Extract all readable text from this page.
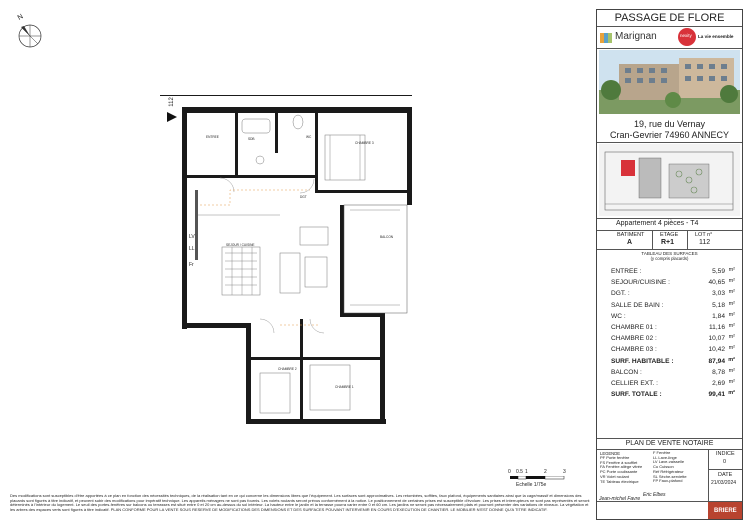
N
112
CHAMBRE 3
SEJOUR / CUISINE
BALCON
CHAMBRE 2
CHAMBRE 1
SDB	WC
DGT
ENTREE
LV
LL
Fr
0 0.5 1	2	3
Echelle 1/75e
Des modifications sont susceptibles d'être apportées à ce plan en fonction des nécessités techniques, de la réalisation tant en ce qui concerne les dimensions libres que l'équipement. Les surfaces sont approximatives. Les retombées, soffites, faux plafond, équipements sanitaires ainsi que la cage/massif et dimensions des placards sont figurés à titre indicatif, et peuvent subir des modifications pour impératif technique. Les appareils ménagers ne sont pas fournis. Les volets roulants seront prévus conformément à la notice. Le positionnement de certaines prises est susceptible d'évoluer. Les prises et interrupteurs ne sont pas représentés et seront déterminés à l'intérieur du logement. Le seuil des portes-fenêtres sur balcons ou terrasses est situé entre 0 et 20 cm au-dessus du sol intérieur. La hauteur entre le jardin et la terrasse pourra varier entre 0 et 60 cm. Les jardins ne seront pas nécessairement plats et pourront présenter des variations de niveaux. La végétation et les arbres des espaces verts sont figurés à titre indicatif. PLAN CONFORME POUR LA VENTE SOUS RESERVE DE MODIFICATIONS DES DIMENSIONS ET DES SURFACES POUVANT INTERVENIR EN COURS D'EXECUTION DE CHANTIER. LE MOBILIER N'EST DONNE QU'A TITRE INDICATIF.
PASSAGE DE FLORE
Marignan	nexity La vie ensemble
19, rue du Vernay
Cran-Gevrier 74960 ANNECY
Appartement 4 pièces - T4
BATIMENT	ETAGE	LOT n°
A	R+1	112
TABLEAU DES SURFACES
(y compris placards)
ENTREE :	5,59 m²
SEJOUR/CUISINE :	40,65 m²
DGT. :	3,03 m²
SALLE DE BAIN :	5,18 m²
WC :	1,84 m²
CHAMBRE 01 :	11,16 m²
CHAMBRE 02 :	10,07 m²
CHAMBRE 03 :	10,42 m²
SURF. HABITABLE :	87,94 m²
BALCON :	8,78 m²
CELLIER EXT. :	2,69 m²
SURF. TOTALE :	99,41 m²
PLAN DE VENTE NOTAIRE
LEGENDE
PF Porte fenêtre
FS Fenêtre à soufflet
FA Fenêtre allège vitrée
PC Porte coulissante
VR Volet roulant
TE Tableau électrique
F Fenêtre
LL Lave-linge
LV Lave-vaisselle
Cu Cuisson
Réf Réfrigérateur
SL Sèche-serviette
FP Faux-plafond
INDICE
0
DATE
21/03/2024
Jean-michel Favre
Eric Elbes
BRIERE
